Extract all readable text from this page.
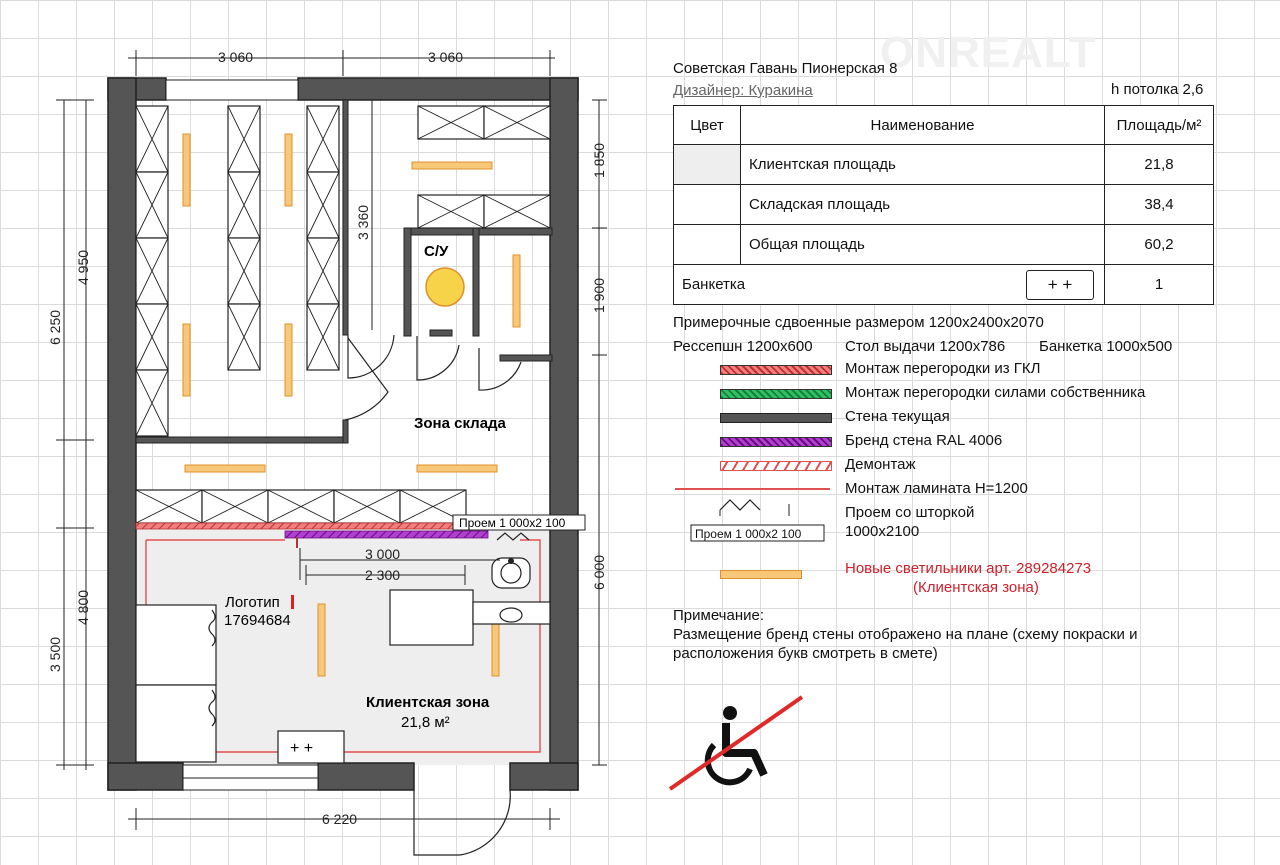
ONREALT
Проем 1 000х2 100
+ +
Логотип
17694684
С/У
Зона склада
Клиентская зона
21,8 м²
3 060	3 060
6 220
6 250
4 950
4 800
3 500
1 850
1 900
6 000
3 360
3 000
2 300
Советская Гавань Пионерская 8
Дизайнер: Куракина	h потолка 2,6
Цвет	Наименование	Площадь/м²
	Клиентская площадь	21,8
	Складская площадь	38,4
	Общая площадь	60,2
Банкетка + +		1
Примерочные сдвоенные размером 1200х2400х2070
Рессепшн 1200х600 Стол выдачи 1200х786 Банкетка 1000х500
Монтаж перегородки из ГКЛ
Монтаж перегородки силами собственника
Стена текущая
Бренд стена RAL 4006
Демонтаж
Монтаж ламината Н=1200
Проем 1 000х2 100
Проем со шторкой
1000х2100
Новые светильники арт. 289284273
(Клиентская зона)
Примечание:
Размещение бренд стены отображено на плане (схему покраски и
расположения букв смотреть в смете)
